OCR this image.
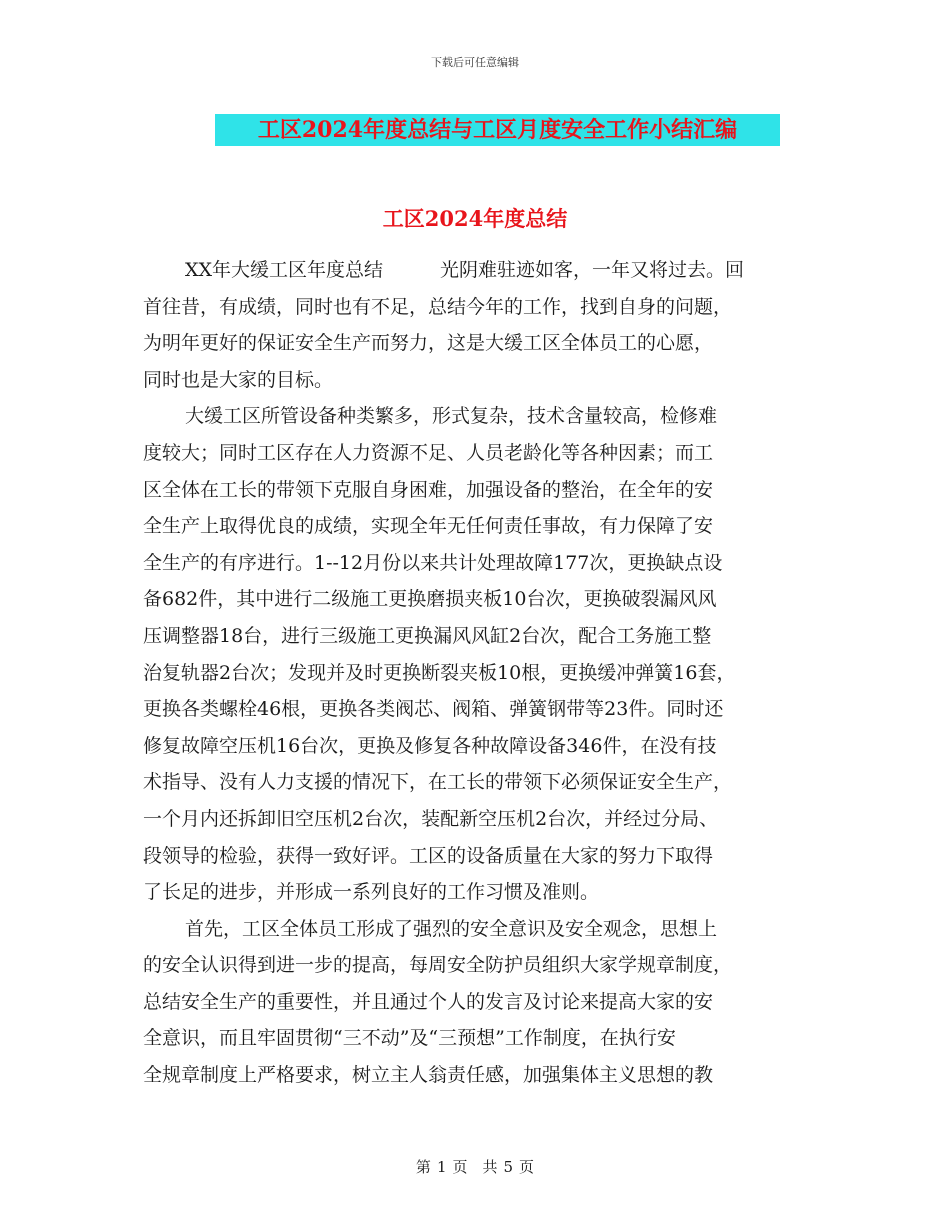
下载后可任意编辑
工区2024年度总结与工区月度安全工作小结汇编
工区2024年度总结
XX年大缓工区年度总结　　　光阴难驻迹如客，一年又将过去。回
首往昔，有成绩，同时也有不足，总结今年的工作，找到自身的问题，
为明年更好的保证安全生产而努力，这是大缓工区全体员工的心愿，
同时也是大家的目标。
大缓工区所管设备种类繁多，形式复杂，技术含量较高，检修难
度较大；同时工区存在人力资源不足、人员老龄化等各种因素；而工
区全体在工长的带领下克服自身困难，加强设备的整治，在全年的安
全生产上取得优良的成绩，实现全年无任何责任事故，有力保障了安
全生产的有序进行。1--12月份以来共计处理故障177次，更换缺点设
备682件，其中进行二级施工更换磨损夹板10台次，更换破裂漏风风
压调整器18台，进行三级施工更换漏风风缸2台次，配合工务施工整
治复轨器2台次；发现并及时更换断裂夹板10根，更换缓冲弹簧16套，
更换各类螺栓46根，更换各类阀芯、阀箱、弹簧钢带等23件。同时还
修复故障空压机16台次，更换及修复各种故障设备346件，在没有技
术指导、没有人力支援的情况下，在工长的带领下必须保证安全生产，
一个月内还拆卸旧空压机2台次，装配新空压机2台次，并经过分局、
段领导的检验，获得一致好评。工区的设备质量在大家的努力下取得
了长足的进步，并形成一系列良好的工作习惯及准则。
首先，工区全体员工形成了强烈的安全意识及安全观念，思想上
的安全认识得到进一步的提高，每周安全防护员组织大家学规章制度，
总结安全生产的重要性，并且通过个人的发言及讨论来提高大家的安
全意识，而且牢固贯彻“三不动”及“三预想”工作制度，在执行安
全规章制度上严格要求，树立主人翁责任感，加强集体主义思想的教
第 1 页　共 5 页
